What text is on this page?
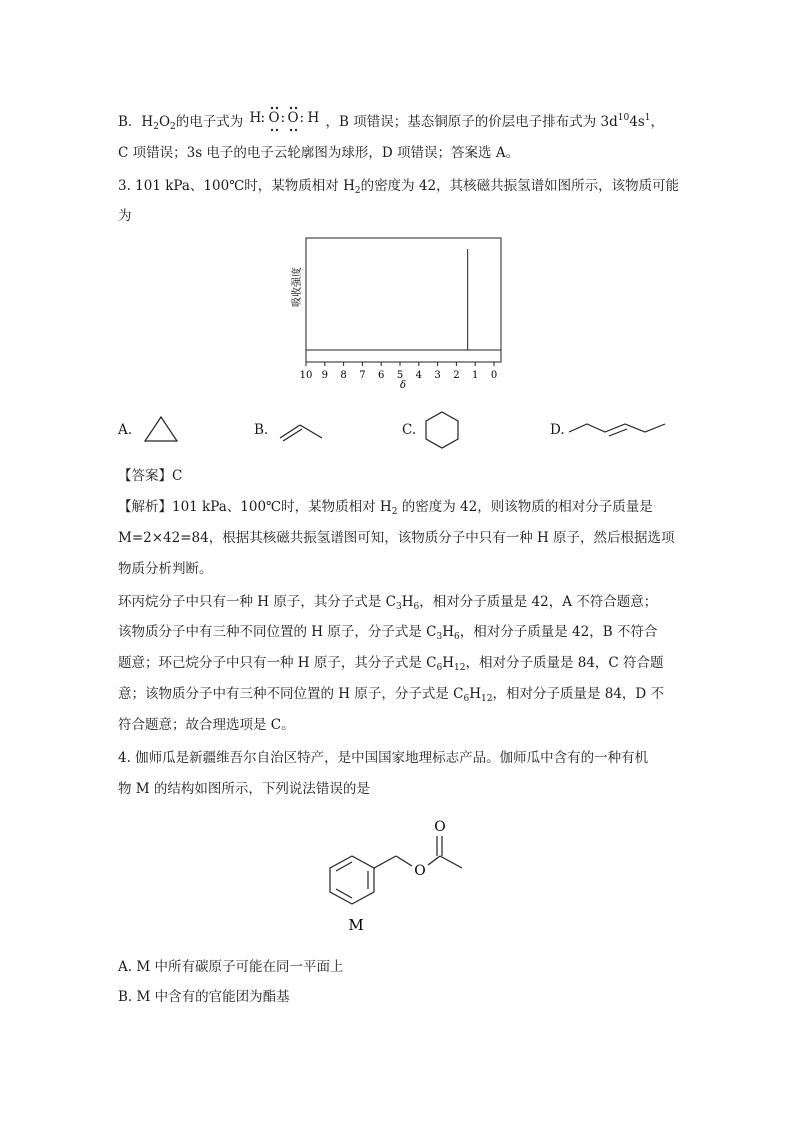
B．$H_2O_2$的电子式为 H : O : O : H ，B 项错误；基态铜原子的价层电子排布式为 $3d^{10}4s^1$，
C 项错误；3s 电子的电子云轮廓图为球形，D 项错误；答案选 A。
3. 101 kPa、100℃时，某物质相对 $H_2$的密度为 42，其核磁共振氢谱如图所示，该物质可能
为
吸收强度
10 9 8 7 6 5 4 3 2 1 0
δ
A.	B.	C.	D.
【答案】C
【解析】101 kPa、100℃时，某物质相对 $H_2$ 的密度为 42，则该物质的相对分子质量是
M=2×42=84，根据其核磁共振氢谱图可知，该物质分子中只有一种 H 原子，然后根据选项
物质分析判断。
环丙烷分子中只有一种 H 原子，其分子式是 $C_3H_6$，相对分子质量是 42，A 不符合题意；
该物质分子中有三种不同位置的 H 原子，分子式是 $C_3H_6$，相对分子质量是 42，B 不符合
题意；环己烷分子中只有一种 H 原子，其分子式是 $C_6H_{12}$，相对分子质量是 84，C 符合题
意；该物质分子中有三种不同位置的 H 原子，分子式是 $C_6H_{12}$，相对分子质量是 84，D 不
符合题意；故合理选项是 C。
4. 伽师瓜是新疆维吾尔自治区特产，是中国国家地理标志产品。伽师瓜中含有的一种有机
物 M 的结构如图所示，下列说法错误的是
O
O
M
A. M 中所有碳原子可能在同一平面上
B. M 中含有的官能团为酯基
